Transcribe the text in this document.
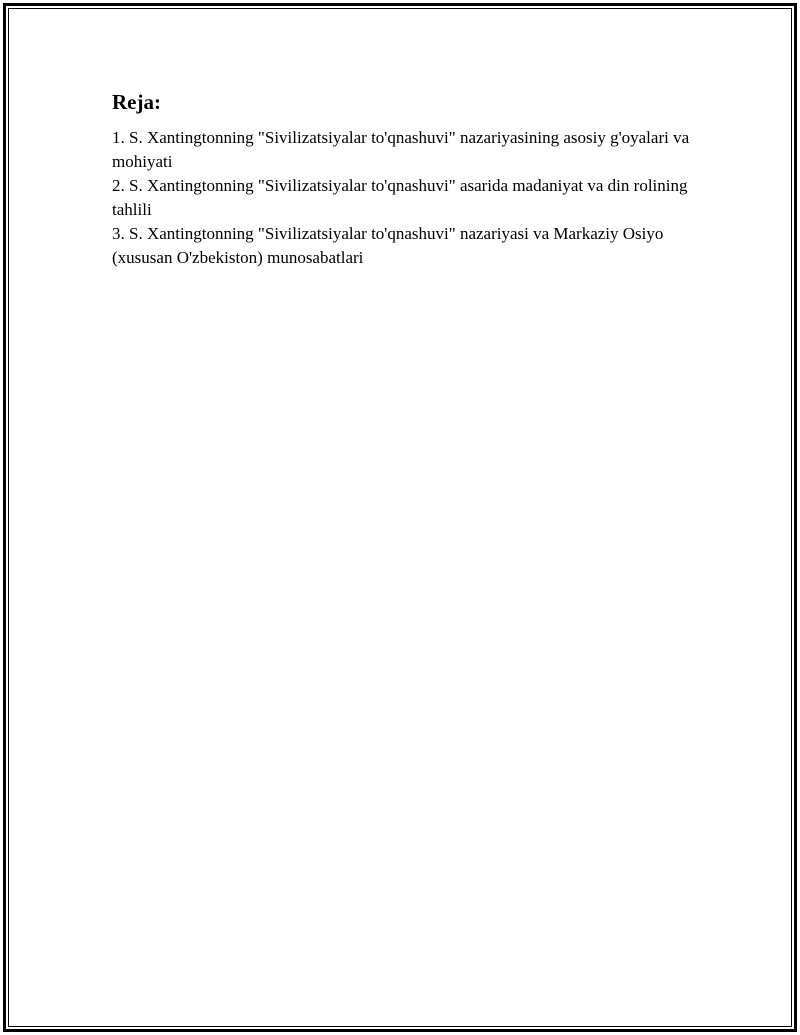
Reja:
1. S. Xantingtonning "Sivilizatsiyalar to'qnashuvi" nazariyasining asosiy g'oyalari va mohiyati
2. S. Xantingtonning "Sivilizatsiyalar to'qnashuvi" asarida madaniyat va din rolining tahlili
3. S. Xantingtonning "Sivilizatsiyalar to'qnashuvi" nazariyasi va Markaziy Osiyo (xususan O'zbekiston) munosabatlari
